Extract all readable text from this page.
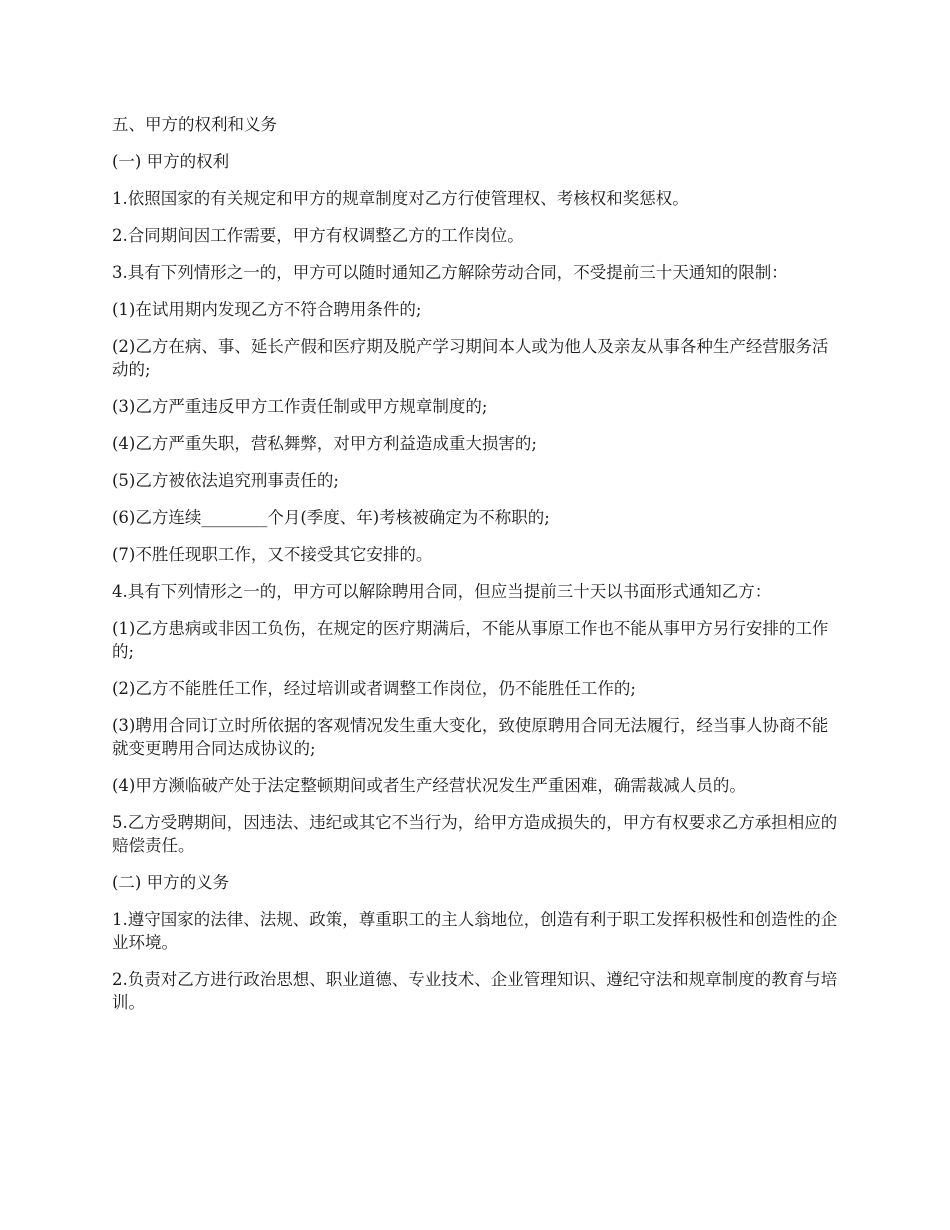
五、甲方的权利和义务

(一) 甲方的权利

1.依照国家的有关规定和甲方的规章制度对乙方行使管理权、考核权和奖惩权。

2.合同期间因工作需要，甲方有权调整乙方的工作岗位。

3.具有下列情形之一的，甲方可以随时通知乙方解除劳动合同，不受提前三十天通知的限制：

(1)在试用期内发现乙方不符合聘用条件的;

(2)乙方在病、事、延长产假和医疗期及脱产学习期间本人或为他人及亲友从事各种生产经营服务活动的;

(3)乙方严重违反甲方工作责任制或甲方规章制度的;

(4)乙方严重失职，营私舞弊，对甲方利益造成重大损害的;

(5)乙方被依法追究刑事责任的;

(6)乙方连续________个月(季度、年)考核被确定为不称职的;

(7)不胜任现职工作，又不接受其它安排的。

4.具有下列情形之一的，甲方可以解除聘用合同，但应当提前三十天以书面形式通知乙方：

(1)乙方患病或非因工负伤，在规定的医疗期满后，不能从事原工作也不能从事甲方另行安排的工作的;

(2)乙方不能胜任工作，经过培训或者调整工作岗位，仍不能胜任工作的;

(3)聘用合同订立时所依据的客观情况发生重大变化，致使原聘用合同无法履行，经当事人协商不能就变更聘用合同达成协议的;

(4)甲方濒临破产处于法定整顿期间或者生产经营状况发生严重困难，确需裁减人员的。

5.乙方受聘期间，因违法、违纪或其它不当行为，给甲方造成损失的，甲方有权要求乙方承担相应的赔偿责任。

(二) 甲方的义务

1.遵守国家的法律、法规、政策，尊重职工的主人翁地位，创造有利于职工发挥积极性和创造性的企业环境。

2.负责对乙方进行政治思想、职业道德、专业技术、企业管理知识、遵纪守法和规章制度的教育与培训。
